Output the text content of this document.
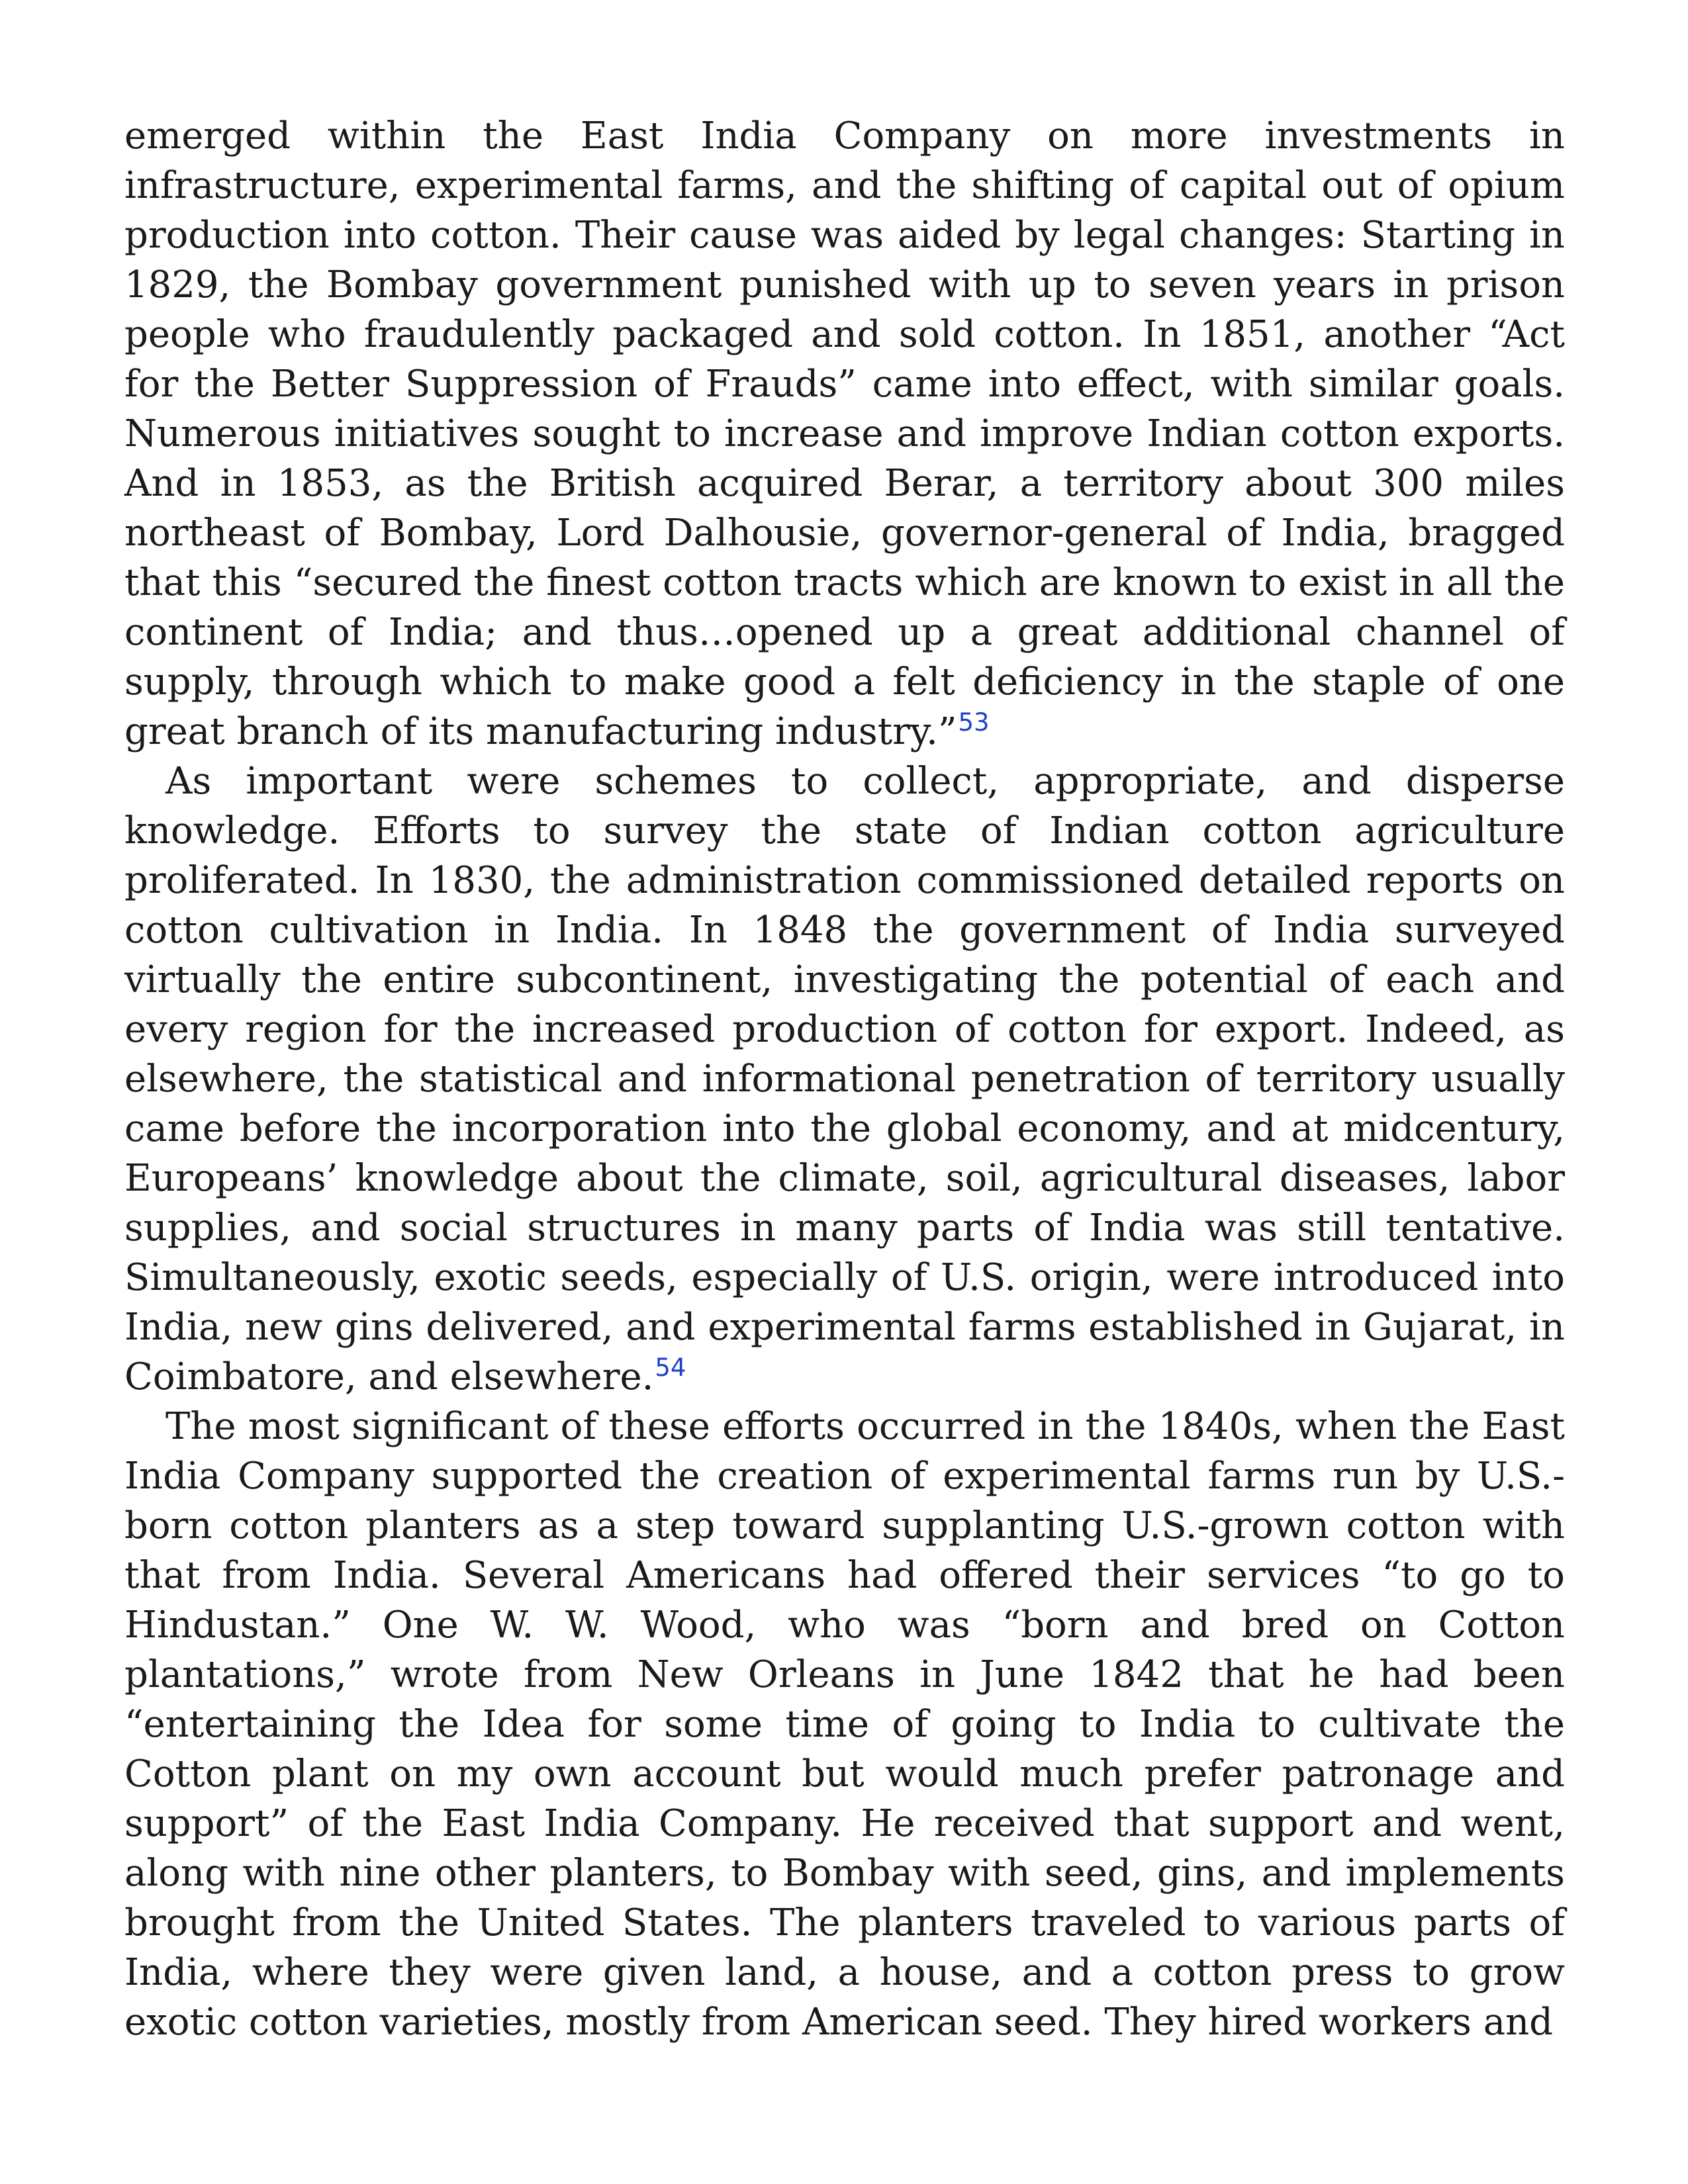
emerged within the East India Company on more investments in infrastructure, experimental farms, and the shifting of capital out of opium production into cotton. Their cause was aided by legal changes: Starting in 1829, the Bombay government punished with up to seven years in prison people who fraudulently packaged and sold cotton. In 1851, another “Act for the Better Suppression of Frauds” came into effect, with similar goals. Numerous initiatives sought to increase and improve Indian cotton exports. And in 1853, as the British acquired Berar, a territory about 300 miles northeast of Bombay, Lord Dalhousie, governor-general of India, bragged that this “secured the finest cotton tracts which are known to exist in all the continent of India; and thus…opened up a great additional channel of supply, through which to make good a felt deficiency in the staple of one great branch of its manufacturing industry.”$^{53}$

As important were schemes to collect, appropriate, and disperse knowledge. Efforts to survey the state of Indian cotton agriculture proliferated. In 1830, the administration commissioned detailed reports on cotton cultivation in India. In 1848 the government of India surveyed virtually the entire subcontinent, investigating the potential of each and every region for the increased production of cotton for export. Indeed, as elsewhere, the statistical and informational penetration of territory usually came before the incorporation into the global economy, and at midcentury, Europeans’ knowledge about the climate, soil, agricultural diseases, labor supplies, and social structures in many parts of India was still tentative. Simultaneously, exotic seeds, especially of U.S. origin, were introduced into India, new gins delivered, and experimental farms established in Gujarat, in Coimbatore, and elsewhere.$^{54}$

The most significant of these efforts occurred in the 1840s, when the East India Company supported the creation of experimental farms run by U.S.-born cotton planters as a step toward supplanting U.S.-grown cotton with that from India. Several Americans had offered their services “to go to Hindustan.” One W. W. Wood, who was “born and bred on Cotton plantations,” wrote from New Orleans in June 1842 that he had been “entertaining the Idea for some time of going to India to cultivate the Cotton plant on my own account but would much prefer patronage and support” of the East India Company. He received that support and went, along with nine other planters, to Bombay with seed, gins, and implements brought from the United States. The planters traveled to various parts of India, where they were given land, a house, and a cotton press to grow exotic cotton varieties, mostly from American seed. They hired workers and
